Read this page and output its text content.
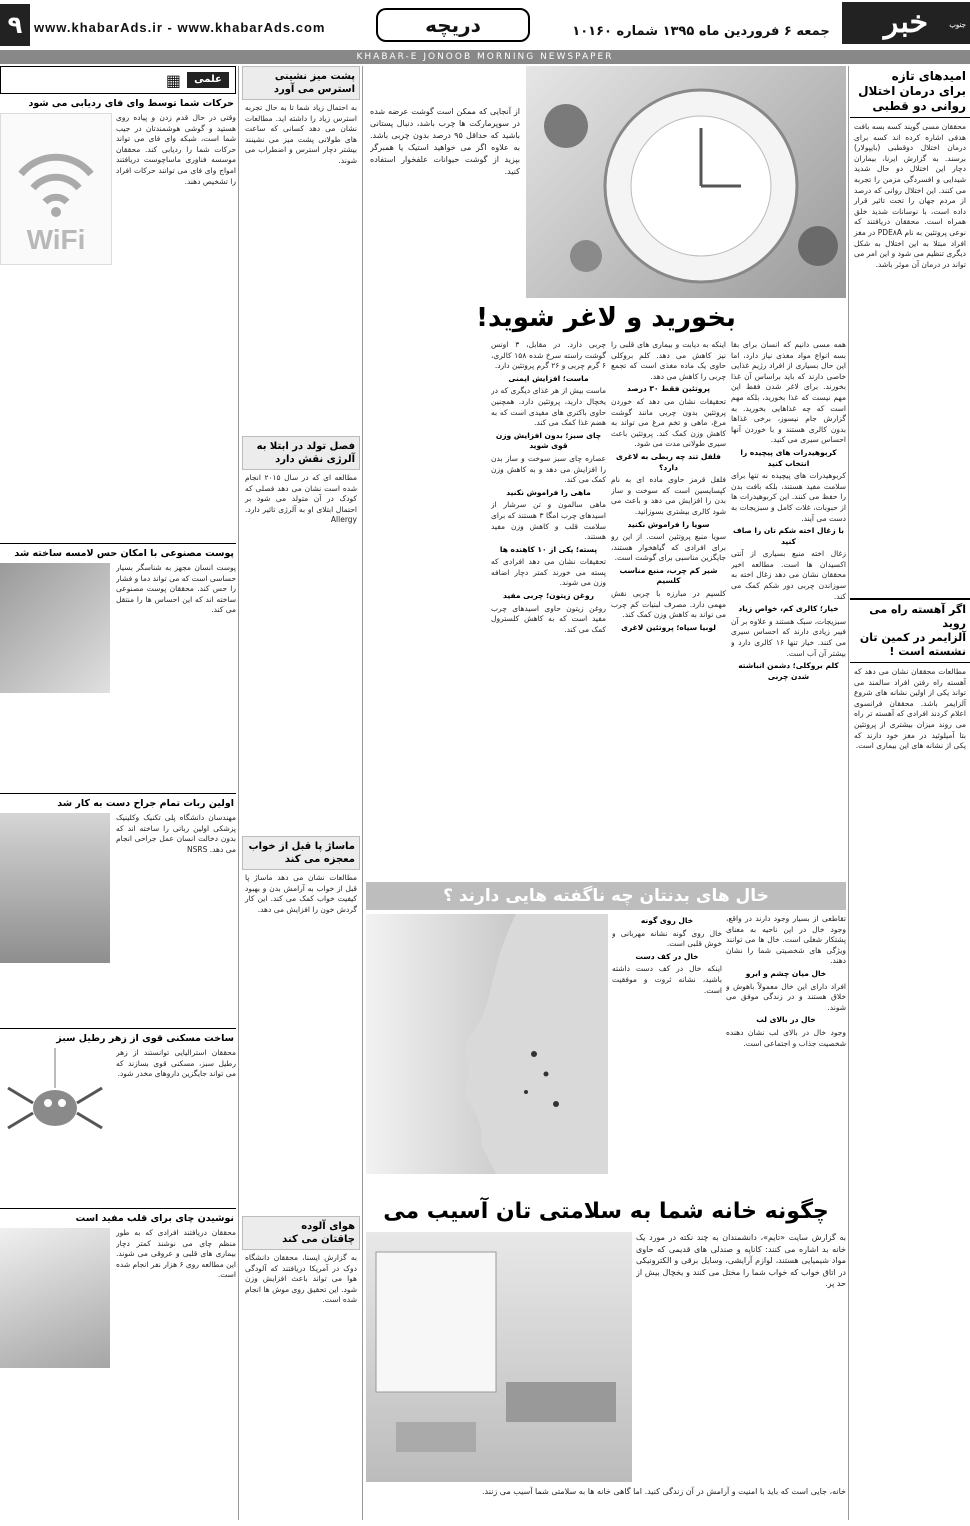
جنوب
خبر
جمعه ۶ فروردین ماه ۱۳۹۵ شماره ۱۰۱۶۰
دریچه
www.khabarAds.ir - www.khabarAds.com
۹
KHABAR-E JONOOB MORNING NEWSPAPER
امیدهای تازه
برای درمان اختلال
روانی دو قطبی

محققان مسی گویند کسه بسه بافت هدفی اشاره کرده اند کسه برای درمان اختلال دوقطبی (بایپولار) برسند. به گزارش ایرنا، بیماران دچار این اختلال دو حال شدید شیدایی و افسردگی مزمن را تجربه می کنند. این اختلال روانی که درصد از مردم جهان را تحت تاثیر قرار داده است، با نوسانات شدید خلق همراه است. محققان دریافتند که نوعی پروتئین به نام PDE۸A در مغز افراد مبتلا به این اختلال به شکل دیگری تنظیم می شود و این امر می تواند در درمان آن موثر باشد.

اگر آهسته راه می روید
آلزایمر در کمین تان
نشسته است !

مطالعات محققان نشان می دهد که آهسته راه رفتن افراد سالمند می تواند یکی از اولین نشانه های شروع آلزایمر باشد. محققان فرانسوی اعلام کردند افرادی که آهسته تر راه می روند میزان بیشتری از پروتئین بتا آمیلوئید در مغز خود دارند که یکی از نشانه های این بیماری است.

از آنجایی که ممکن است گوشت عرضه شده در سوپرمارکت ها چرب باشد، دنبال پستانی باشید که حداقل ۹۵ درصد بدون چربی باشد. به علاوه اگر می خواهید استیک یا همبرگر بپزید از گوشت حیوانات علفخوار استفاده کنید.

بخورید و لاغر شوید!

همه مسی دانیم که انسان برای بقا بسه انواع مواد مغذی نیاز دارد، اما این حال بسیاری از افراد رژیم غذایی خاصی دارند که باید براساس آن غذا بخورند. برای لاغر شدن فقط این مهم نیست که غذا بخورید، بلکه مهم است که چه غذاهایی بخورید. به گزارش جام نیسوز، برخی غذاها بدون کالری هستند و با خوردن آنها احساس سیری می کنید.

کربوهیدرات های پیچیده را انتخاب کنید

کربوهیدرات های پیچیده نه تنها برای سلامت مفید هستند، بلکه بافت بدن را حفظ می کنند. این کربوهیدرات ها از حبوبات، غلات کامل و سبزیجات به دست می آیند.

با زغال اخته شکم تان را صاف کنید

زغال اخته منبع بسیاری از آنتی اکسیدان ها است. مطالعه اخیر محققان نشان می دهد زغال اخته به سوزاندن چربی دور شکم کمک می کند.

خیار؛ کالری کم، خواص زیاد

سبزیجات، سبک هستند و علاوه بر آن فیبر زیادی دارند که احساس سیری می کنند. خیار تنها ۱۶ کالری دارد و بیشتر آن آب است.

کلم بروکلی؛ دشمن انباشته شدن چربی

اینکه به دیابت و بیماری های قلبی را نیز کاهش می دهد. کلم بروکلی حاوی یک ماده مغذی است که تجمع چربی را کاهش می دهد.

پروتئین فقط ۳۰ درصد

تحقیقات نشان می دهد که خوردن پروتئین بدون چربی مانند گوشت مرغ، ماهی و تخم مرغ می تواند به کاهش وزن کمک کند. پروتئین باعث سیری طولانی مدت می شود.

فلفل تند چه ربطی به لاغری دارد؟

فلفل قرمز حاوی ماده ای به نام کپسایسین است که سوخت و ساز بدن را افزایش می دهد و باعث می شود کالری بیشتری بسوزانید.

سویا را فراموش نکنید

سویا منبع پروتئین است. از این رو برای افرادی که گیاهخوار هستند، جایگزین مناسبی برای گوشت است.

شیر کم چرب، منبع مناسب کلسیم

کلسیم در مبارزه با چربی نقش مهمی دارد. مصرف لبنیات کم چرب می تواند به کاهش وزن کمک کند.

لوبیا سیاه؛ پروتئین لاغری

چربی دارد. در مقابل، ۳ اونس گوشت راسته سرخ شده ۱۵۸ کالری، ۶ گرم چربی و ۲۶ گرم پروتئین دارد.

ماست؛ افزایش ایمنی

ماست بیش از هر غذای دیگری که در یخچال دارید، پروتئین دارد. همچنین حاوی باکتری های مفیدی است که به هضم غذا کمک می کند.

چای سبز؛ بدون افزایش وزن قوی شوید

عصاره چای سبز سوخت و ساز بدن را افزایش می دهد و به کاهش وزن کمک می کند.

ماهی را فراموش نکنید

ماهی سالمون و تن سرشار از اسیدهای چرب امگا ۳ هستند که برای سلامت قلب و کاهش وزن مفید هستند.

پسته؛ یکی از ۱۰ کاهنده ها

تحقیقات نشان می دهد افرادی که پسته می خورند کمتر دچار اضافه وزن می شوند.

روغن زیتون؛ چربی مفید

روغن زیتون حاوی اسیدهای چرب مفید است که به کاهش کلسترول کمک می کند.

پشت میز نشینی
استرس می آورد

به احتمال زیاد شما تا به حال تجربه استرس زیاد را داشته اید. مطالعات نشان می دهد کسانی که ساعت های طولانی پشت میز می نشینند بیشتر دچار استرس و اضطراب می شوند.

فصل تولد در ابتلا به
آلرژی نقش دارد

مطالعه ای که در سال ۲۰۱۵ انجام شده است نشان می دهد فصلی که کودک در آن متولد می شود بر احتمال ابتلای او به آلرژی تاثیر دارد. Allergy

ماساژ پا قبل از خواب
معجزه می کند

مطالعات نشان می دهد ماساژ پا قبل از خواب به آرامش بدن و بهبود کیفیت خواب کمک می کند. این کار گردش خون را افزایش می دهد.

هوای آلوده
چاقتان می کند

به گزارش ایسنا، محققان دانشگاه دوک در آمریکا دریافتند که آلودگی هوا می تواند باعث افزایش وزن شود. این تحقیق روی موش ها انجام شده است.

خال های بدنتان چه ناگفته هایی دارند ؟

تقاطعی از بسیار وجود دارند در واقع، وجود خال در این ناحیه به معنای پشتکار شغلی است. خال ها می توانند ویژگی های شخصیتی شما را نشان دهند.

خال میان چشم و ابرو

افراد دارای این خال معمولاً باهوش و خلاق هستند و در زندگی موفق می شوند.

خال در بالای لب

وجود خال در بالای لب نشان دهنده شخصیت جذاب و اجتماعی است.

خال روی گونه

خال روی گونه نشانه مهربانی و خوش قلبی است.

خال در کف دست

اینکه خال در کف دست داشته باشید، نشانه ثروت و موفقیت است.

چگونه خانه شما به سلامتی تان آسیب می

به گزارش سایت «تایم»، دانشمندان به چند نکته در مورد یک خانه بد اشاره می کنند: کاناپه و صندلی های قدیمی که حاوی مواد شیمیایی هستند، لوازم آرایشی، وسایل برقی و الکترونیکی در اتاق خواب که خواب شما را مختل می کنند و یخچال بیش از حد پر.

خانه، جایی است که باید با امنیت و آرامش در آن زندگی کنید. اما گاهی خانه ها به سلامتی شما آسیب می زنند.

علمی
▦
حرکات شما توسط وای فای ردیابی می شود
WiFi

وقتی در حال قدم زدن و پیاده روی هستید و گوشی هوشمندتان در جیب شما است، شبکه وای فای می تواند حرکات شما را ردیابی کند. محققان موسسه فناوری ماساچوست دریافتند امواج وای فای می توانند حرکات افراد را تشخیص دهند.

پوست مصنوعی با امکان حس لامسه ساخته شد

پوست انسان مجهز به شناسگر بسیار حساسی است که می تواند دما و فشار را حس کند. محققان پوست مصنوعی ساخته اند که این احساس ها را منتقل می کند.

اولین ربات تمام جراح دست به کار شد

مهندسان دانشگاه پلی تکنیک وکلینیک پزشکی اولین رباتی را ساخته اند که بدون دخالت انسان عمل جراحی انجام می دهد. NSRS

ساخت مسکنی قوی از زهر رطیل سبز

محققان استرالیایی توانستند از زهر رطیل سبز، مسکنی قوی بسازند که می تواند جایگزین داروهای مخدر شود.

نوشیدن چای برای قلب مفید است

محققان دریافتند افرادی که به طور منظم چای می نوشند کمتر دچار بیماری های قلبی و عروقی می شوند. این مطالعه روی ۶ هزار نفر انجام شده است.
